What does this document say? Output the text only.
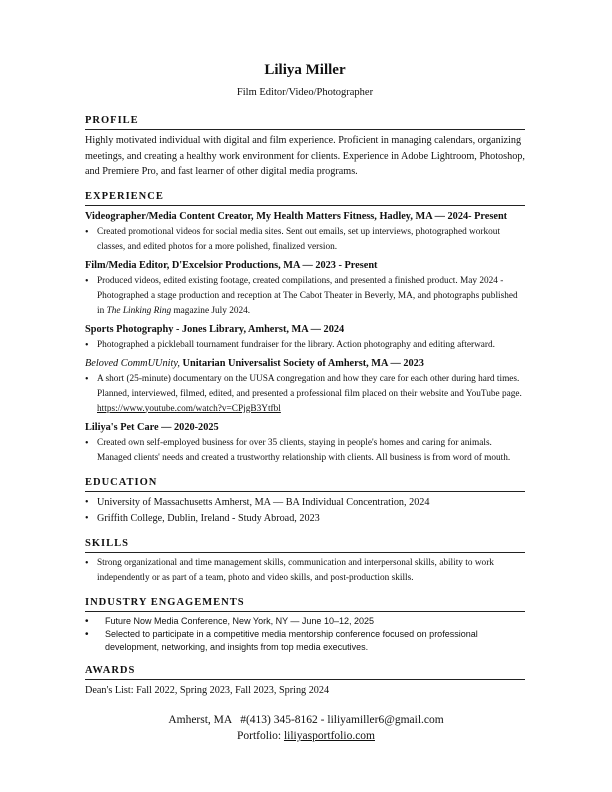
Liliya Miller

Film Editor/Video/Photographer

PROFILE

Highly motivated individual with digital and film experience. Proficient in managing calendars, organizing meetings, and creating a healthy work environment for clients. Experience in Adobe Lightroom, Photoshop, and Premiere Pro, and fast learner of other digital media programs.

EXPERIENCE
Videographer/Media Content Creator, My Health Matters Fitness, Hadley, MA — 2024- Present
• Created promotional videos for social media sites. Sent out emails, set up interviews, photographed workout classes, and edited photos for a more polished, finalized version.
Film/Media Editor, D'Excelsior Productions, MA — 2023 - Present
• Produced videos, edited existing footage, created compilations, and presented a finished product. May 2024 - Photographed a stage production and reception at The Cabot Theater in Beverly, MA, and photographs published in The Linking Ring magazine July 2024.
Sports Photography - Jones Library, Amherst, MA — 2024
• Photographed a pickleball tournament fundraiser for the library. Action photography and editing afterward.
Beloved CommUUnity, Unitarian Universalist Society of Amherst, MA — 2023
• A short (25-minute) documentary on the UUSA congregation and how they care for each other during hard times. Planned, interviewed, filmed, edited, and presented a professional film placed on their website and YouTube page. https://www.youtube.com/watch?v=CPjgB3Ytfbl
Liliya's Pet Care — 2020-2025
• Created own self-employed business for over 35 clients, staying in people's homes and caring for animals. Managed clients' needs and created a trustworthy relationship with clients. All business is from word of mouth.
EDUCATION
• University of Massachusetts Amherst, MA — BA Individual Concentration, 2024
• Griffith College, Dublin, Ireland - Study Abroad, 2023
SKILLS
• Strong organizational and time management skills, communication and interpersonal skills, ability to work independently or as part of a team, photo and video skills, and post-production skills.
INDUSTRY ENGAGEMENTS
• Future Now Media Conference, New York, NY — June 10–12, 2025
• Selected to participate in a competitive media mentorship conference focused on professional development, networking, and insights from top media executives.
AWARDS

Dean's List: Fall 2022, Spring 2023, Fall 2023, Spring 2024

Amherst, MA   #(413) 345-8162 - liliyamiller6@gmail.com

Portfolio: liliyasportfolio.com
